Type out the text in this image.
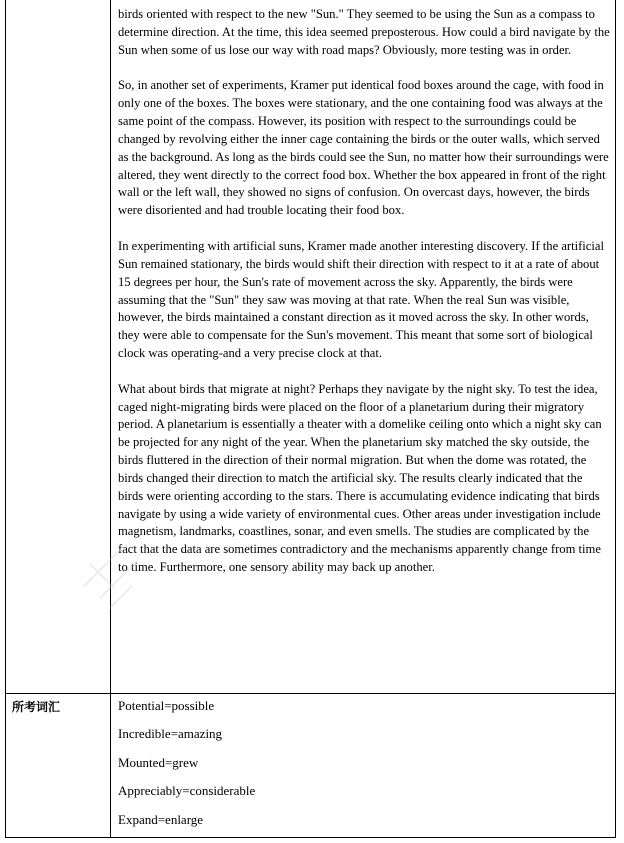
birds oriented with respect to the new "Sun." They seemed to be using the Sun as a compass to determine direction. At the time, this idea seemed preposterous. How could a bird navigate by the Sun when some of us lose our way with road maps? Obviously, more testing was in order.

So, in another set of experiments, Kramer put identical food boxes around the cage, with food in only one of the boxes. The boxes were stationary, and the one containing food was always at the same point of the compass. However, its position with respect to the surroundings could be changed by revolving either the inner cage containing the birds or the outer walls, which served as the background. As long as the birds could see the Sun, no matter how their surroundings were altered, they went directly to the correct food box. Whether the box appeared in front of the right wall or the left wall, they showed no signs of confusion. On overcast days, however, the birds were disoriented and had trouble locating their food box.

In experimenting with artificial suns, Kramer made another interesting discovery. If the artificial Sun remained stationary, the birds would shift their direction with respect to it at a rate of about 15 degrees per hour, the Sun's rate of movement across the sky. Apparently, the birds were assuming that the "Sun" they saw was moving at that rate. When the real Sun was visible, however, the birds maintained a constant direction as it moved across the sky. In other words, they were able to compensate for the Sun's movement. This meant that some sort of biological clock was operating-and a very precise clock at that.

What about birds that migrate at night? Perhaps they navigate by the night sky. To test the idea, caged night-migrating birds were placed on the floor of a planetarium during their migratory period. A planetarium is essentially a theater with a domelike ceiling onto which a night sky can be projected for any night of the year. When the planetarium sky matched the sky outside, the birds fluttered in the direction of their normal migration. But when the dome was rotated, the birds changed their direction to match the artificial sky. The results clearly indicated that the birds were orienting according to the stars. There is accumulating evidence indicating that birds navigate by using a wide variety of environmental cues. Other areas under investigation include magnetism, landmarks, coastlines, sonar, and even smells. The studies are complicated by the fact that the data are sometimes contradictory and the mechanisms apparently change from time to time. Furthermore, one sensory ability may back up another.

所考词汇	Potential=possible
Incredible=amazing
Mounted=grew
Appreciably=considerable
Expand=enlarge
